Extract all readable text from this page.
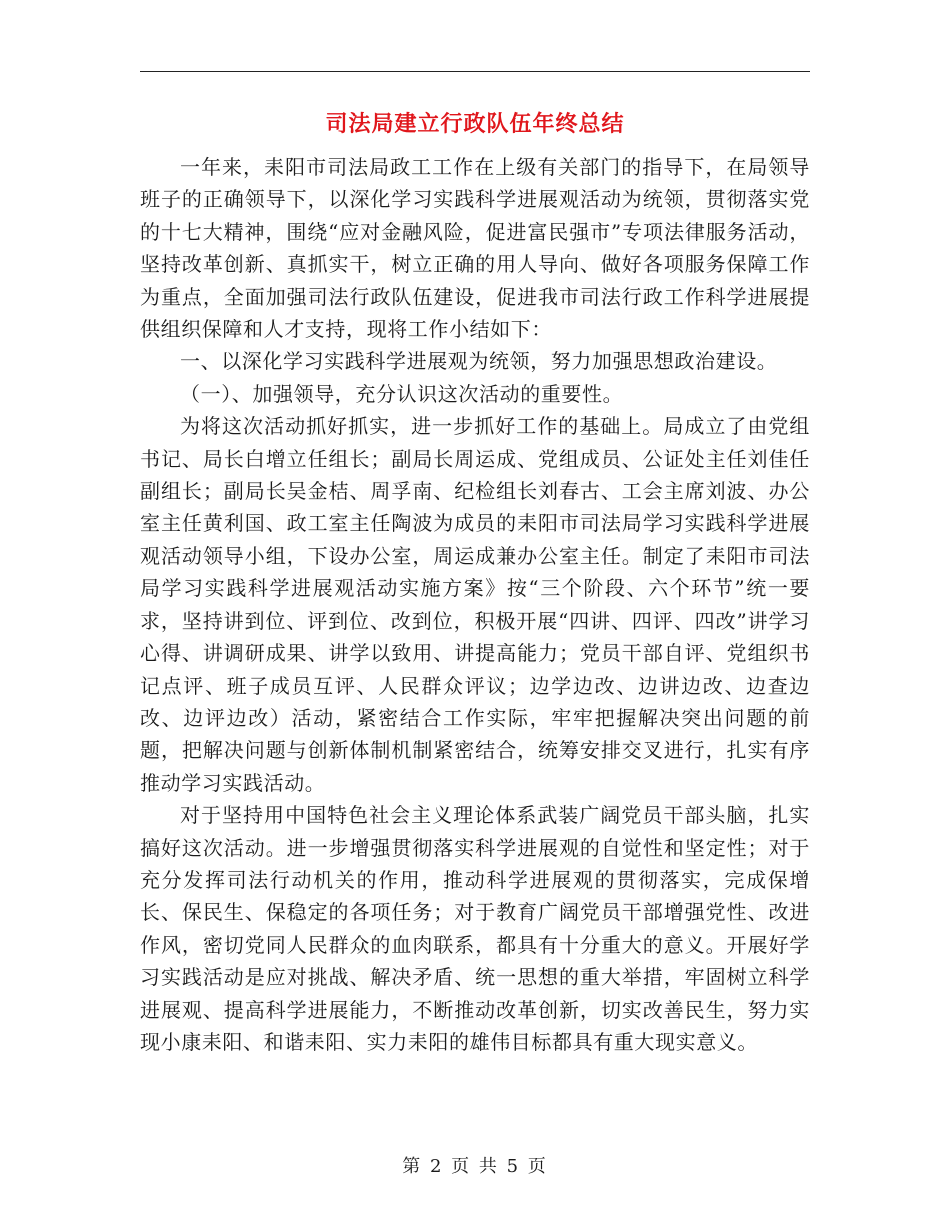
司法局建立行政队伍年终总结

一年来，耒阳市司法局政工工作在上级有关部门的指导下，在局领导班子的正确领导下，以深化学习实践科学进展观活动为统领，贯彻落实党的十七大精神，围绕“应对金融风险，促进富民强市”专项法律服务活动，坚持改革创新、真抓实干，树立正确的用人导向、做好各项服务保障工作为重点，全面加强司法行政队伍建设，促进我市司法行政工作科学进展提供组织保障和人才支持，现将工作小结如下：

一、以深化学习实践科学进展观为统领，努力加强思想政治建设。

（一）、加强领导，充分认识这次活动的重要性。

为将这次活动抓好抓实，进一步抓好工作的基础上。局成立了由党组书记、局长白增立任组长；副局长周运成、党组成员、公证处主任刘佳任副组长；副局长吴金桔、周孚南、纪检组长刘春古、工会主席刘波、办公室主任黄利国、政工室主任陶波为成员的耒阳市司法局学习实践科学进展观活动领导小组，下设办公室，周运成兼办公室主任。制定了耒阳市司法局学习实践科学进展观活动实施方案》按“三个阶段、六个环节”统一要求，坚持讲到位、评到位、改到位，积极开展“四讲、四评、四改”讲学习心得、讲调研成果、讲学以致用、讲提高能力；党员干部自评、党组织书记点评、班子成员互评、人民群众评议；边学边改、边讲边改、边查边改、边评边改）活动，紧密结合工作实际，牢牢把握解决突出问题的前题，把解决问题与创新体制机制紧密结合，统筹安排交叉进行，扎实有序推动学习实践活动。

对于坚持用中国特色社会主义理论体系武装广阔党员干部头脑，扎实搞好这次活动。进一步增强贯彻落实科学进展观的自觉性和坚定性；对于充分发挥司法行动机关的作用，推动科学进展观的贯彻落实，完成保增长、保民生、保稳定的各项任务；对于教育广阔党员干部增强党性、改进作风，密切党同人民群众的血肉联系，都具有十分重大的意义。开展好学习实践活动是应对挑战、解决矛盾、统一思想的重大举措，牢固树立科学进展观、提高科学进展能力，不断推动改革创新，切实改善民生，努力实现小康耒阳、和谐耒阳、实力耒阳的雄伟目标都具有重大现实意义。

第 2 页 共 5 页
